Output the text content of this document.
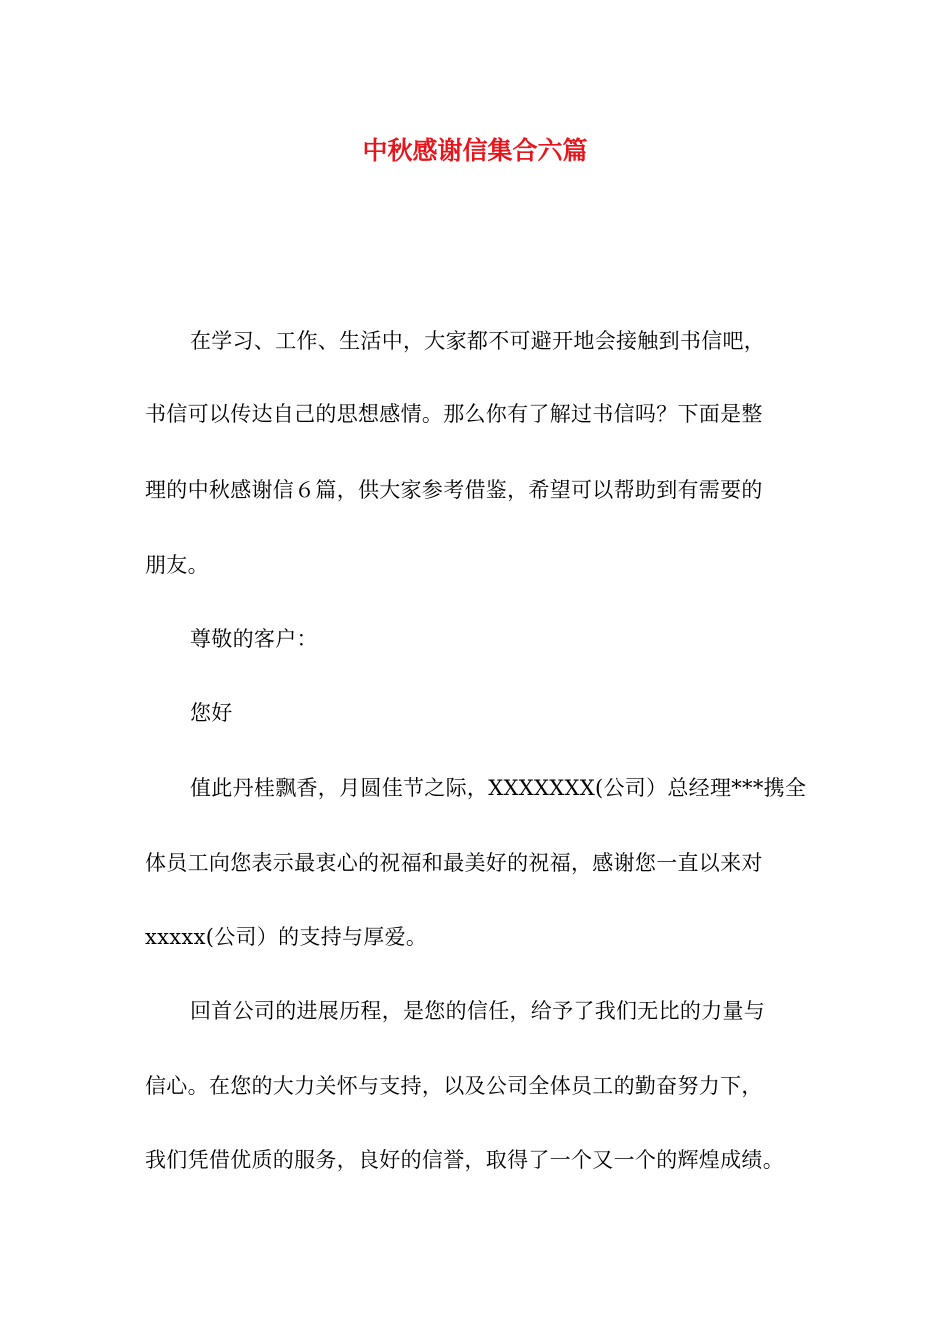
中秋感谢信集合六篇
在学习、工作、生活中，大家都不可避开地会接触到书信吧，
书信可以传达自己的思想感情。那么你有了解过书信吗？下面是整
理的中秋感谢信６篇，供大家参考借鉴，希望可以帮助到有需要的
朋友。
尊敬的客户：
您好
值此丹桂飘香，月圆佳节之际，XXXXXXX(公司）总经理***携全
体员工向您表示最衷心的祝福和最美好的祝福，感谢您一直以来对
xxxxx(公司）的支持与厚爱。
回首公司的进展历程，是您的信任，给予了我们无比的力量与
信心。在您的大力关怀与支持，以及公司全体员工的勤奋努力下，
我们凭借优质的服务，良好的信誉，取得了一个又一个的辉煌成绩。
